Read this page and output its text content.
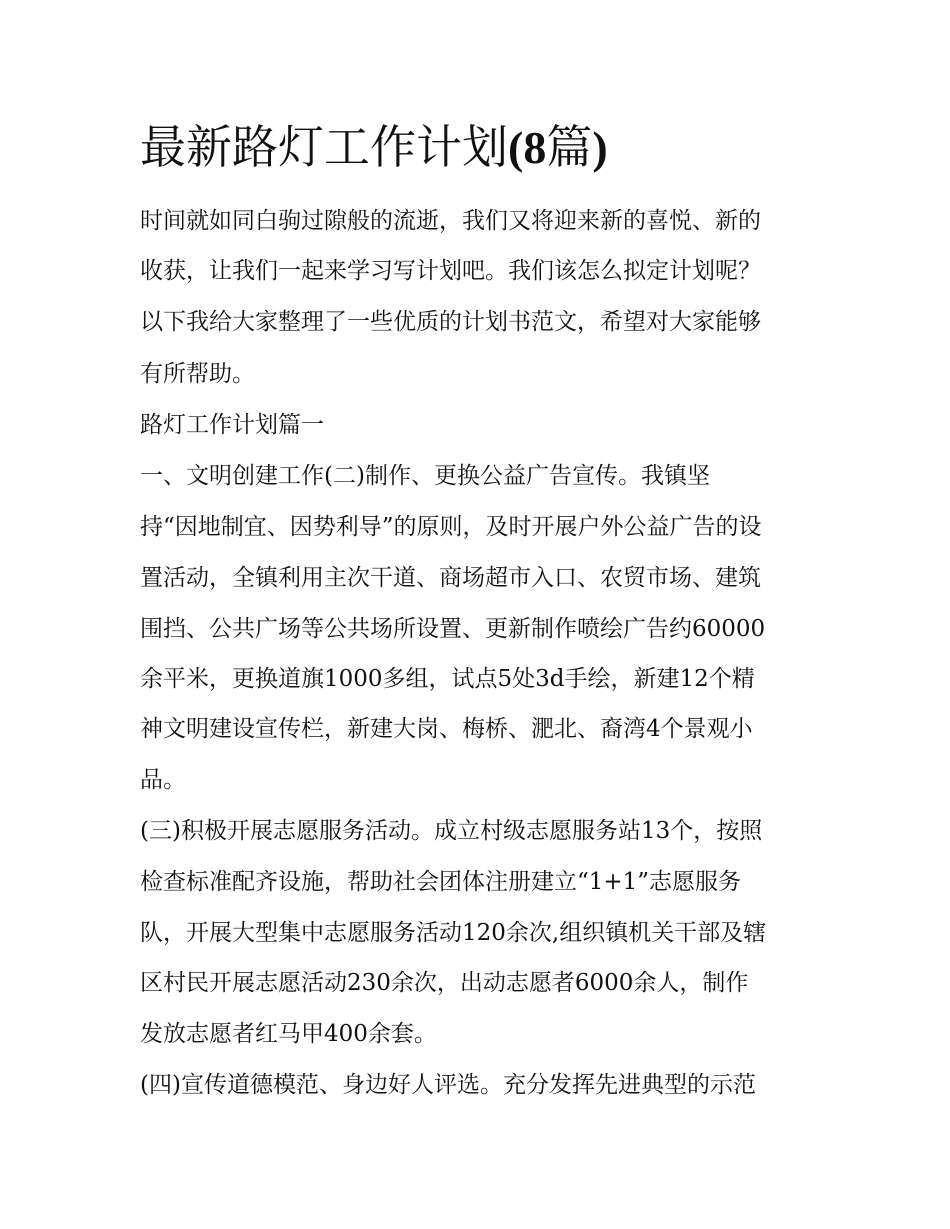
最新路灯工作计划(8篇)
时间就如同白驹过隙般的流逝，我们又将迎来新的喜悦、新的
收获，让我们一起来学习写计划吧。我们该怎么拟定计划呢？
以下我给大家整理了一些优质的计划书范文，希望对大家能够
有所帮助。
路灯工作计划篇一
一、文明创建工作(二)制作、更换公益广告宣传。我镇坚
持“因地制宜、因势利导”的原则，及时开展户外公益广告的设
置活动，全镇利用主次干道、商场超市入口、农贸市场、建筑
围挡、公共广场等公共场所设置、更新制作喷绘广告约60000
余平米，更换道旗1000多组，试点5处3d手绘，新建12个精
神文明建设宣传栏，新建大岗、梅桥、淝北、裔湾4个景观小
品。
(三)积极开展志愿服务活动。成立村级志愿服务站13个，按照
检查标准配齐设施，帮助社会团体注册建立“1+1”志愿服务
队，开展大型集中志愿服务活动120余次,组织镇机关干部及辖
区村民开展志愿活动230余次，出动志愿者6000余人，制作
发放志愿者红马甲400余套。
(四)宣传道德模范、身边好人评选。充分发挥先进典型的示范
